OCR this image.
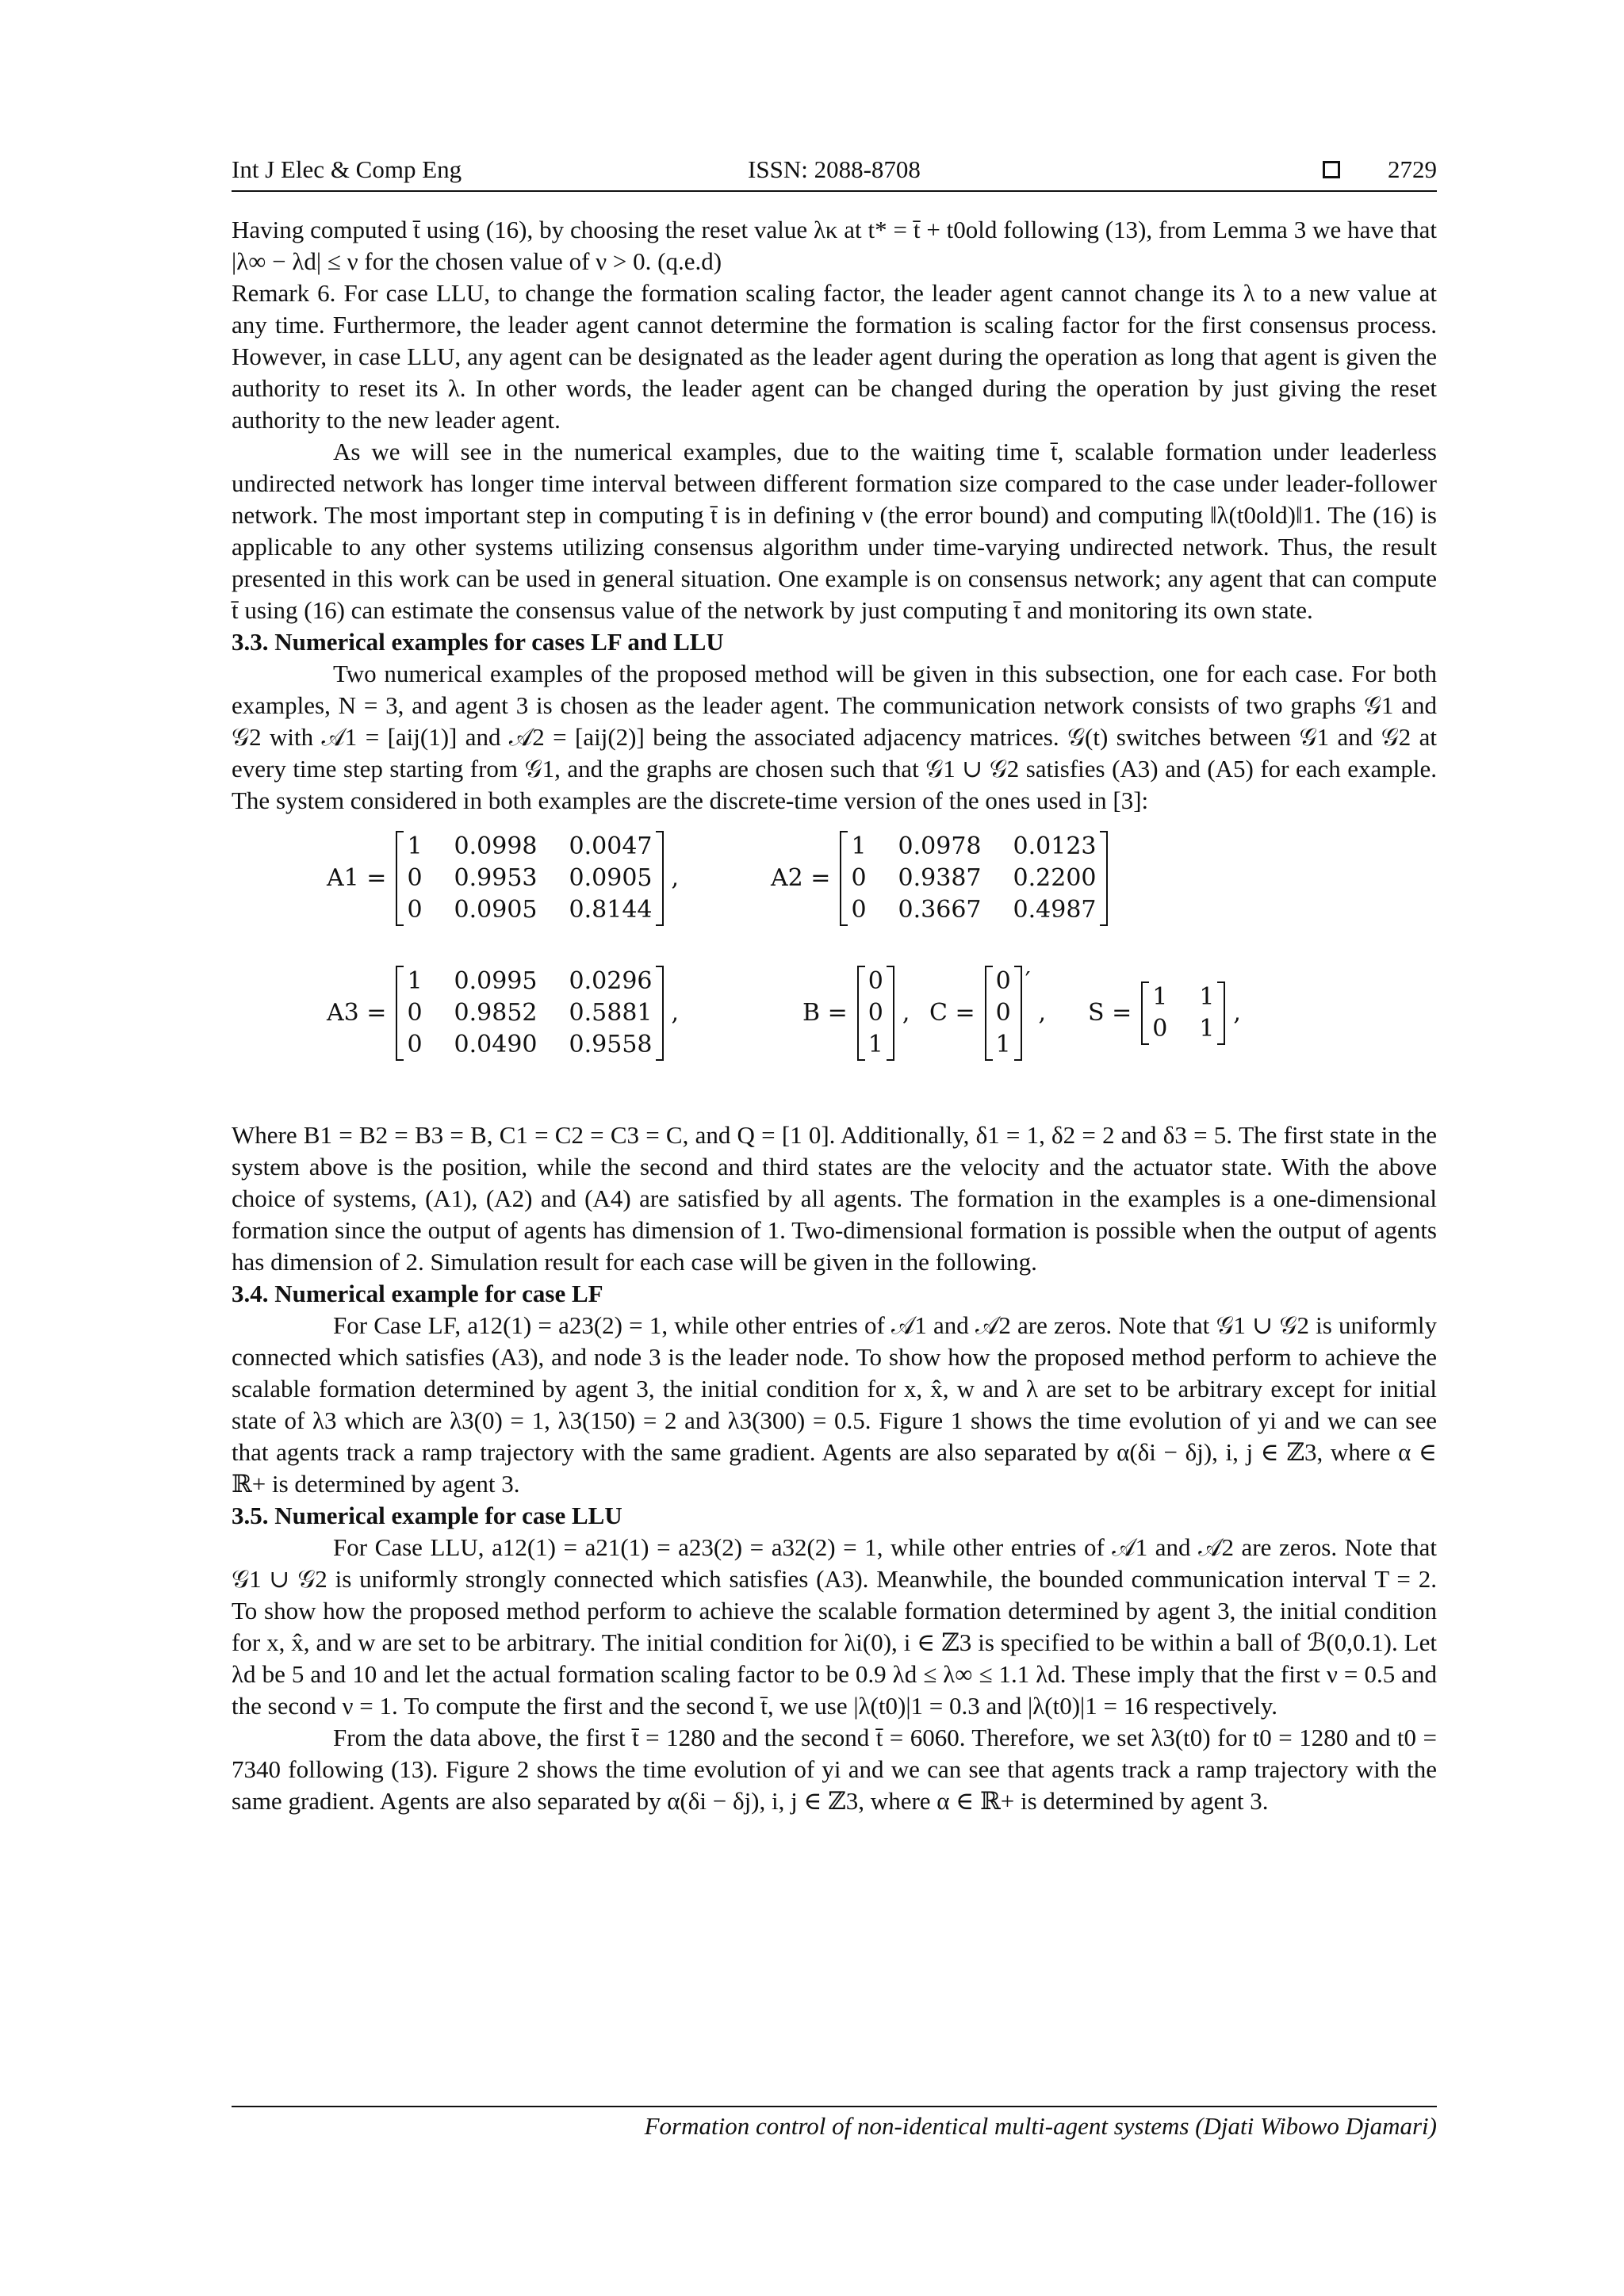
Int J Elec & Comp Eng	ISSN: 2088-8708	2729

Having computed t̄ using (16), by choosing the reset value λκ at t* = t̄ + t0old following (13), from Lemma 3 we have that |λ∞ − λd| ≤ ν for the chosen value of ν > 0. (q.e.d)

Remark 6. For case LLU, to change the formation scaling factor, the leader agent cannot change its λ to a new value at any time. Furthermore, the leader agent cannot determine the formation is scaling factor for the first consensus process. However, in case LLU, any agent can be designated as the leader agent during the operation as long that agent is given the authority to reset its λ. In other words, the leader agent can be changed during the operation by just giving the reset authority to the new leader agent.

As we will see in the numerical examples, due to the waiting time t̄, scalable formation under leaderless undirected network has longer time interval between different formation size compared to the case under leader-follower network. The most important step in computing t̄ is in defining ν (the error bound) and computing ‖λ(t0old)‖1. The (16) is applicable to any other systems utilizing consensus algorithm under time-varying undirected network. Thus, the result presented in this work can be used in general situation. One example is on consensus network; any agent that can compute t̄ using (16) can estimate the consensus value of the network by just computing t̄ and monitoring its own state.

3.3. Numerical examples for cases LF and LLU

Two numerical examples of the proposed method will be given in this subsection, one for each case. For both examples, N = 3, and agent 3 is chosen as the leader agent. The communication network consists of two graphs 𝒢1 and 𝒢2 with 𝒜1 = [aij(1)] and 𝒜2 = [aij(2)] being the associated adjacency matrices. 𝒢(t) switches between 𝒢1 and 𝒢2 at every time step starting from 𝒢1, and the graphs are chosen such that 𝒢1 ∪ 𝒢2 satisfies (A3) and (A5) for each example. The system considered in both examples are the discrete-time version of the ones used in [3]:

A1 =
1 0.0998 0.0047
0 0.9953 0.0905
0 0.0905 0.8144
,	A2 =
1 0.0978 0.0123
0 0.9387 0.2200
0 0.3667 0.4987
A3 =
1 0.0995 0.0296
0 0.9852 0.5881
0 0.0490 0.9558
,	B =
0
0
1
, C =
0
0
1
′
, S =
1 1
0 1
,

Where B1 = B2 = B3 = B, C1 = C2 = C3 = C, and Q = [1 0]. Additionally, δ1 = 1, δ2 = 2 and δ3 = 5. The first state in the system above is the position, while the second and third states are the velocity and the actuator state. With the above choice of systems, (A1), (A2) and (A4) are satisfied by all agents. The formation in the examples is a one-dimensional formation since the output of agents has dimension of 1. Two-dimensional formation is possible when the output of agents has dimension of 2. Simulation result for each case will be given in the following.

3.4. Numerical example for case LF

For Case LF, a12(1) = a23(2) = 1, while other entries of 𝒜1 and 𝒜2 are zeros. Note that 𝒢1 ∪ 𝒢2 is uniformly connected which satisfies (A3), and node 3 is the leader node. To show how the proposed method perform to achieve the scalable formation determined by agent 3, the initial condition for x, x̂, w and λ are set to be arbitrary except for initial state of λ3 which are λ3(0) = 1, λ3(150) = 2 and λ3(300) = 0.5. Figure 1 shows the time evolution of yi and we can see that agents track a ramp trajectory with the same gradient. Agents are also separated by α(δi − δj), i, j ∈ ℤ3, where α ∈ ℝ+ is determined by agent 3.

3.5. Numerical example for case LLU

For Case LLU, a12(1) = a21(1) = a23(2) = a32(2) = 1, while other entries of 𝒜1 and 𝒜2 are zeros. Note that 𝒢1 ∪ 𝒢2 is uniformly strongly connected which satisfies (A3). Meanwhile, the bounded communication interval T = 2. To show how the proposed method perform to achieve the scalable formation determined by agent 3, the initial condition for x, x̂, and w are set to be arbitrary. The initial condition for λi(0), i ∈ ℤ3 is specified to be within a ball of ℬ(0,0.1). Let λd be 5 and 10 and let the actual formation scaling factor to be 0.9 λd ≤ λ∞ ≤ 1.1 λd. These imply that the first ν = 0.5 and the second ν = 1. To compute the first and the second t̄, we use |λ(t0)|1 = 0.3 and |λ(t0)|1 = 16 respectively.

From the data above, the first t̄ = 1280 and the second t̄ = 6060. Therefore, we set λ3(t0) for t0 = 1280 and t0 = 7340 following (13). Figure 2 shows the time evolution of yi and we can see that agents track a ramp trajectory with the same gradient. Agents are also separated by α(δi − δj), i, j ∈ ℤ3, where α ∈ ℝ+ is determined by agent 3.

Formation control of non-identical multi-agent systems (Djati Wibowo Djamari)
